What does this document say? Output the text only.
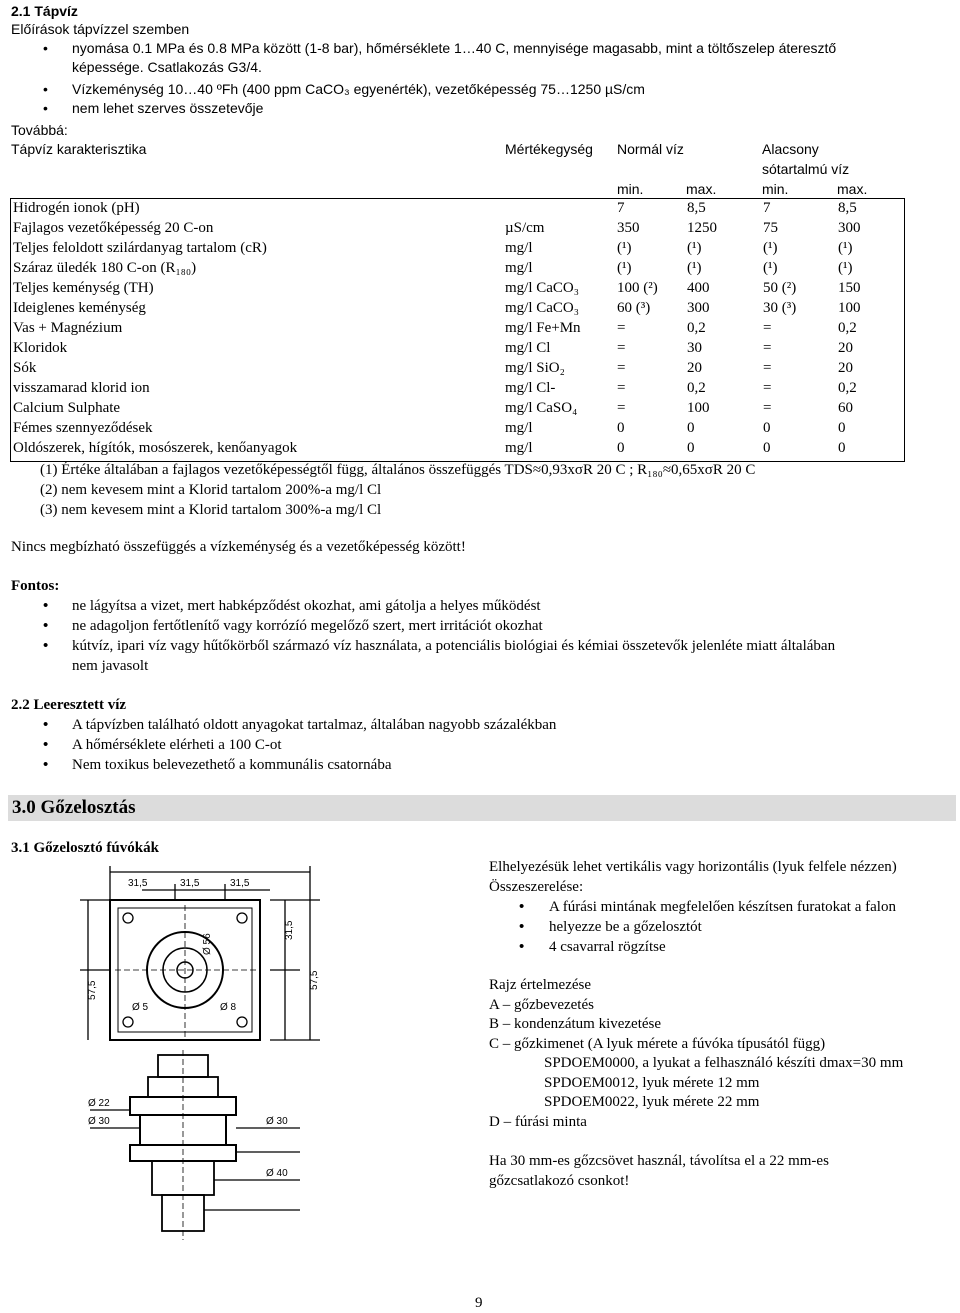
2.1 Tápvíz
Előírások tápvízzel szemben
• nyomása 0.1 MPa és 0.8 MPa között (1-8 bar), hőmérséklete 1…40 C, mennyisége magasabb, mint a töltőszelep áteresztő
képessége. Csatlakozás G3/4.
• Vízkeménység 10…40 ºFh (400 ppm CaCO₃ egyenérték), vezetőképesség 75…1250 µS/cm
• nem lehet szerves összetevője
Továbbá:
Tápvíz karakterisztika	Mértékegység Normál víz	Alacsony
sótartalmú víz
min.	max.	min.	max.
Hidrogén ionok (pH)		7	8,5	7	8,5
Fajlagos vezetőképesség 20 C-on	µS/cm	350	1250	75	300
Teljes feloldott szilárdanyag tartalom (cR)	mg/l	(¹)	(¹)	(¹)	(¹)
Száraz üledék 180 C-on (R₁₈₀)	mg/l	(¹)	(¹)	(¹)	(¹)
Teljes keménység (TH)	mg/l CaCO₃	100 (²)	400	50 (²)	150
Ideiglenes keménység	mg/l CaCO₃	60 (³)	300	30 (³)	100
Vas + Magnézium	mg/l Fe+Mn	=	0,2	=	0,2
Kloridok	mg/l Cl	=	30	=	20
Sók	mg/l SiO₂	=	20	=	20
visszamarad klorid ion	mg/l Cl-	=	0,2	=	0,2
Calcium Sulphate	mg/l CaSO₄	=	100	=	60
Fémes szennyeződések	mg/l	0	0	0	0
Oldószerek, hígítók, mosószerek, kenőanyagok	mg/l	0	0	0	0
(1) Értéke általában a fajlagos vezetőképességtől függ, általános összefüggés TDS≈0,93xσR 20 C ; R₁₈₀≈0,65xσR 20 C
(2) nem kevesem mint a Klorid tartalom 200%-a mg/l Cl
(3) nem kevesem mint a Klorid tartalom 300%-a mg/l Cl
Nincs megbízható összefüggés a vízkeménység és a vezetőképesség között!
Fontos:
• ne lágyítsa a vizet, mert habképződést okozhat, ami gátolja a helyes működést
• ne adagoljon fertőtlenítő vagy korrózíó megelőző szert, mert irritációt okozhat
• kútvíz, ipari víz vagy hűtőkörből származó víz használata, a potenciális biológiai és kémiai összetevők jelenléte miatt általában
nem javasolt
2.2 Leeresztett víz
• A tápvízben található oldott anyagokat tartalmaz, általában nagyobb százalékban
• A hőmérséklete elérheti a 100 C-ot
• Nem toxikus belevezethető a kommunális csatornába
3.0 Gőzelosztás
3.1 Gőzelosztó fúvókák
31,5	31,5	31,5
31,5
57,5
57,5
Ø 56
Ø 5	Ø 8
Ø 22
Ø 30	Ø 30
Ø 40
Elhelyezésük lehet vertikális vagy horizontális (lyuk felfele nézzen)
Összeszerelése:
• A fúrási mintának megfelelően készítsen furatokat a falon
• helyezze be a gőzelosztót
• 4 csavarral rögzítse
Rajz értelmezése
A – gőzbevezetés
B – kondenzátum kivezetése
C – gőzkimenet (A lyuk mérete a fúvóka típusától függ)
SPDOEM0000, a lyukat a felhasználó készíti dmax=30 mm
SPDOEM0012, lyuk mérete 12 mm
SPDOEM0022, lyuk mérete 22 mm
D – fúrási minta
Ha 30 mm-es gőzcsövet használ, távolítsa el a 22 mm-es
gőzcsatlakozó csonkot!
9
